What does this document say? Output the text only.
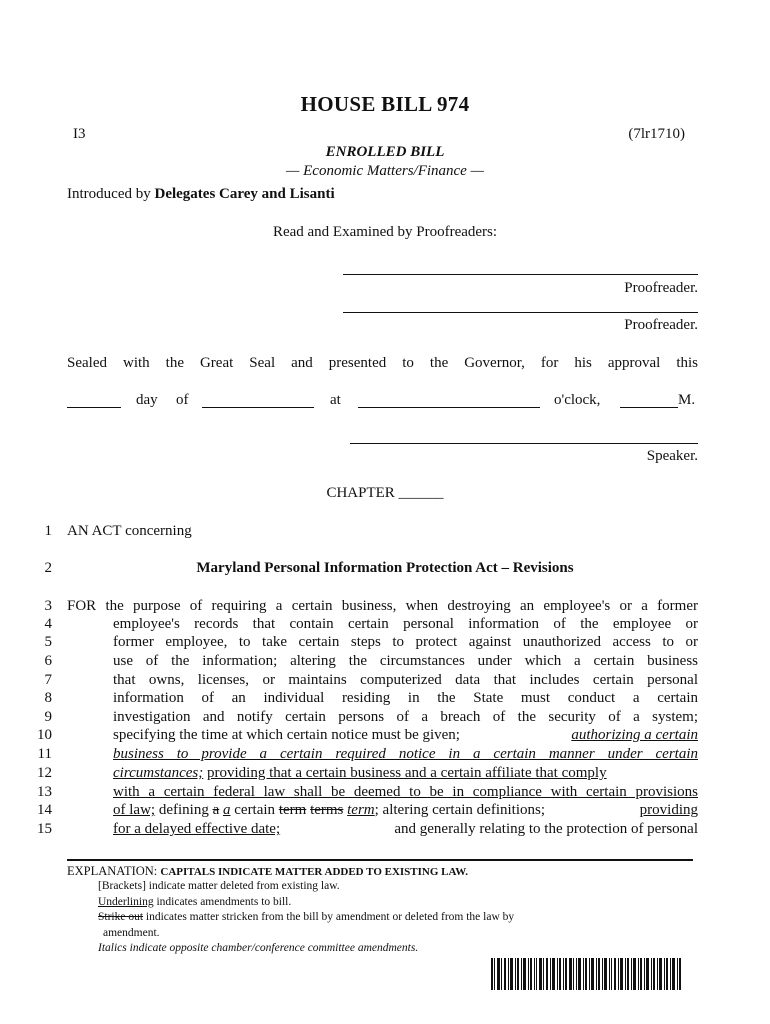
HOUSE BILL 974
I3	(7lr1710)
ENROLLED BILL
— Economic Matters/Finance —
Introduced by Delegates Carey and Lisanti
Read and Examined by Proofreaders:
Proofreader.
Proofreader.
Sealed with the Great Seal and presented to the Governor, for his approval this
day of	at	o'clock,	M.
Speaker.
CHAPTER ______
1 AN ACT concerning
2	Maryland Personal Information Protection Act – Revisions
3 FOR the purpose of requiring a certain business, when destroying an employee's or a former
4	employee's records that contain certain personal information of the employee or
5	former employee, to take certain steps to protect against unauthorized access to or
6	use of the information; altering the circumstances under which a certain business
7	that owns, licenses, or maintains computerized data that includes certain personal
8	information of an individual residing in the State must conduct a certain
9	investigation and notify certain persons of a breach of the security of a system;
10	specifying the time at which certain notice must be given;	authorizing a certain
11	business to provide a certain required notice in a certain manner under certain
12	circumstances; providing that a certain business and a certain affiliate that comply
13	with a certain federal law shall be deemed to be in compliance with certain provisions
14	of law; defining a a certain term terms term; altering certain definitions;	providing
15	for a delayed effective date;	and generally relating to the protection of personal
EXPLANATION: CAPITALS INDICATE MATTER ADDED TO EXISTING LAW.
[Brackets] indicate matter deleted from existing law.
Underlining indicates amendments to bill.
Strike out indicates matter stricken from the bill by amendment or deleted from the law by
amendment.
Italics indicate opposite chamber/conference committee amendments.
